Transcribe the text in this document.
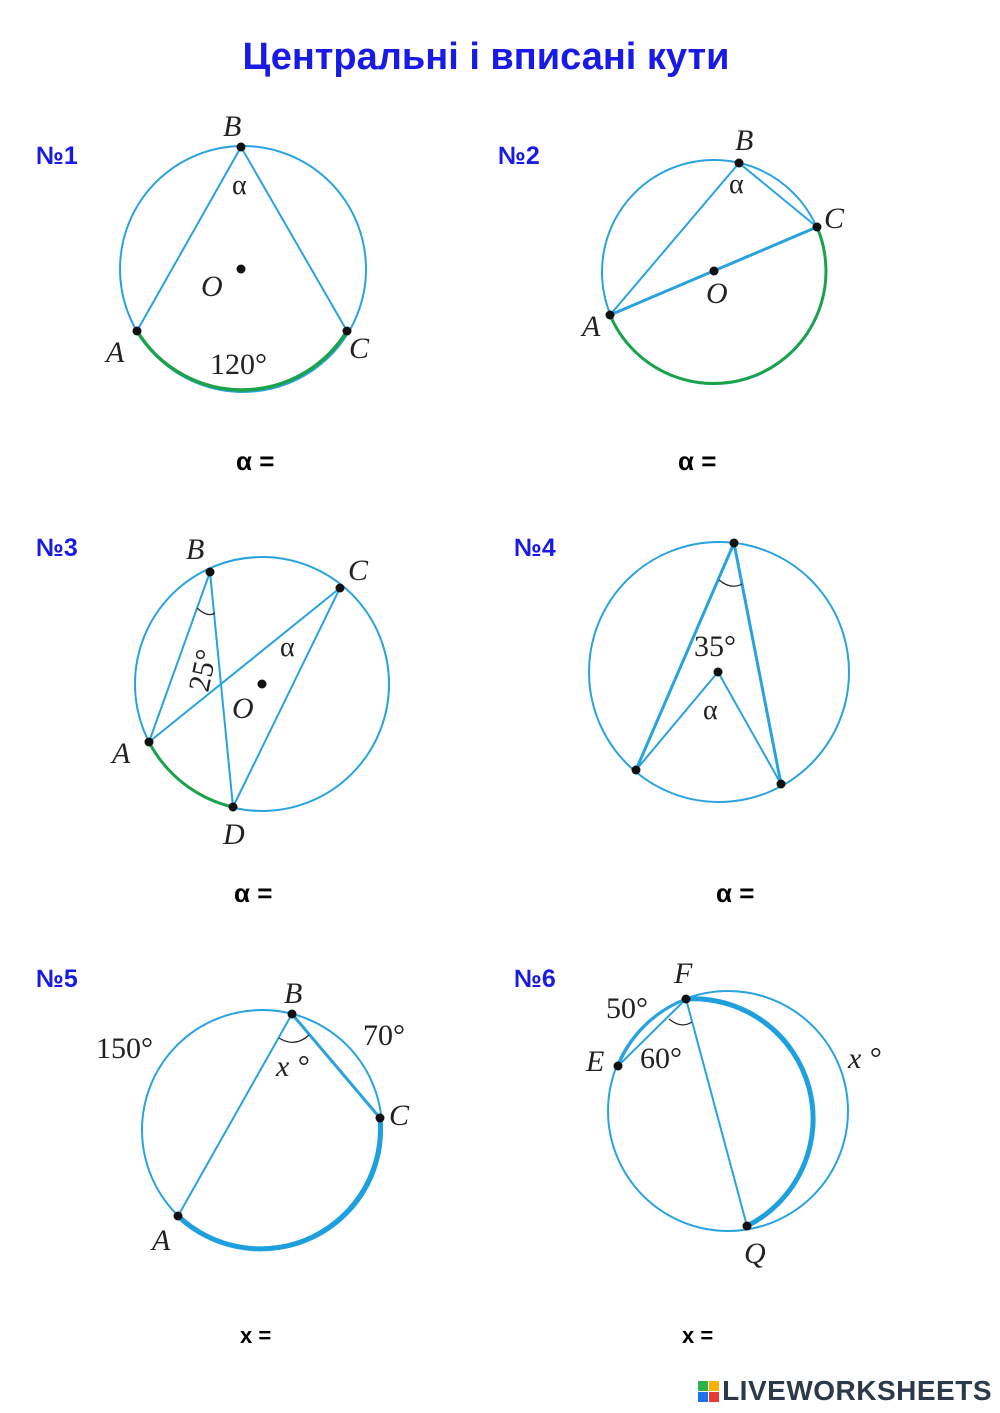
Центральні і вписані кути
№1	№2
№3	№4
№5	№6
α =	α =
α =	α =
x =	x =
B
A	C
O
α
120°
B
A
C
O
α
B
A
C
D
O
α
25°
35°
α
B
A
C
150°	70°
x °
F
E
Q
50°
60°	x °
LIVEWORKSHEETS
